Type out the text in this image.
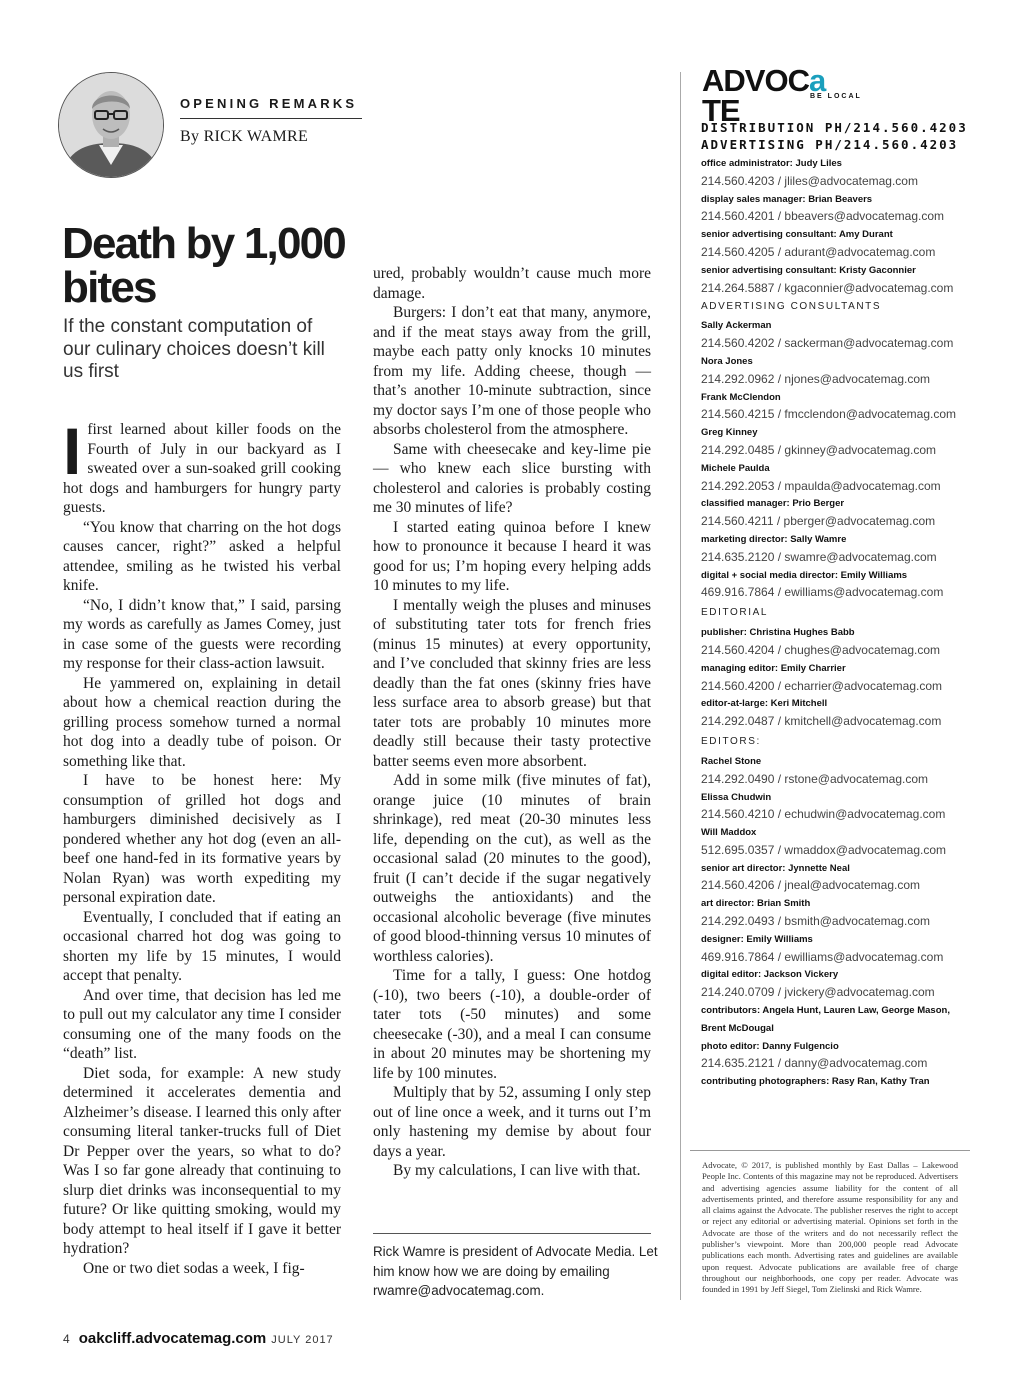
OPENING REMARKS
By RICK WAMRE
Death by 1,000 bites
If the constant computation of our culinary choices doesn’t kill us first

Ifirst learned about killer foods on the Fourth of July in our backyard as I sweated over a sun-soaked grill cooking hot dogs and hamburgers for hungry party guests.

“You know that charring on the hot dogs causes cancer, right?” asked a helpful attendee, smiling as he twisted his verbal knife.

“No, I didn’t know that,” I said, parsing my words as carefully as James Comey, just in case some of the guests were recording my response for their class-action lawsuit.

He yammered on, explaining in detail about how a chemical reaction during the grilling process somehow turned a normal hot dog into a deadly tube of poison. Or something like that.

I have to be honest here: My consumption of grilled hot dogs and hamburgers diminished decisively as I pondered whether any hot dog (even an all-beef one hand-fed in its formative years by Nolan Ryan) was worth expediting my personal expiration date.

Eventually, I concluded that if eating an occasional charred hot dog was going to shorten my life by 15 minutes, I would accept that penalty.

And over time, that decision has led me to pull out my calculator any time I consider consuming one of the many foods on the “death” list.

Diet soda, for example: A new study determined it accelerates dementia and Alzheimer’s disease. I learned this only after consuming literal tanker-trucks full of Diet Dr Pepper over the years, so what to do? Was I so far gone already that continuing to slurp diet drinks was inconsequential to my future? Or like quitting smoking, would my body attempt to heal itself if I gave it better hydration?

One or two diet sodas a week, I fig-

ured, probably wouldn’t cause much more damage.

Burgers: I don’t eat that many, anymore, and if the meat stays away from the grill, maybe each patty only knocks 10 minutes from my life. Adding cheese, though — that’s another 10-minute subtraction, since my doctor says I’m one of those people who absorbs cholesterol from the atmosphere.

Same with cheesecake and key-lime pie — who knew each slice bursting with cholesterol and calories is probably costing me 30 minutes of life?

I started eating quinoa before I knew how to pronounce it because I heard it was good for us; I’m hoping every helping adds 10 minutes to my life.

I mentally weigh the pluses and minuses of substituting tater tots for french fries (minus 15 minutes) at every opportunity, and I’ve concluded that skinny fries are less deadly than the fat ones (skinny fries have less surface area to absorb grease) but that tater tots are probably 10 minutes more deadly still because their tasty protective batter seems even more absorbent.

Add in some milk (five minutes of fat), orange juice (10 minutes of brain shrinkage), red meat (20-30 minutes less life, depending on the cut), as well as the occasional salad (20 minutes to the good), fruit (I can’t decide if the sugar negatively outweighs the antioxidants) and the occasional alcoholic beverage (five minutes of good blood-thinning versus 10 minutes of worthless calories).

Time for a tally, I guess: One hotdog (-10), two beers (-10), a double-order of tater tots (-50 minutes) and some cheesecake (-30), and a meal I can consume in about 20 minutes may be shortening my life by 100 minutes.

Multiply that by 52, assuming I only step out of line once a week, and it turns out I’m only hastening my demise by about four days a year.

By my calculations, I can live with that.

Rick Wamre is president of Advocate Media. Let him know how we are doing by emailing rwamre@advocatemag.com.
ADVOCaTE	BE LOCAL
DISTRIBUTION PH/214.560.4203
ADVERTISING PH/214.560.4203
office administrator: Judy Liles
214.560.4203 / jliles@advocatemag.com
display sales manager: Brian Beavers
214.560.4201 / bbeavers@advocatemag.com
senior advertising consultant: Amy Durant
214.560.4205 / adurant@advocatemag.com
senior advertising consultant: Kristy Gaconnier
214.264.5887 / kgaconnier@advocatemag.com
ADVERTISING CONSULTANTS
Sally Ackerman
214.560.4202 / sackerman@advocatemag.com
Nora Jones
214.292.0962 / njones@advocatemag.com
Frank McClendon
214.560.4215 / fmcclendon@advocatemag.com
Greg Kinney
214.292.0485 / gkinney@advocatemag.com
Michele Paulda
214.292.2053 / mpaulda@advocatemag.com
classified manager: Prio Berger
214.560.4211 / pberger@advocatemag.com
marketing director: Sally Wamre
214.635.2120 / swamre@advocatemag.com
digital + social media director: Emily Williams
469.916.7864 / ewilliams@advocatemag.com
EDITORIAL
publisher: Christina Hughes Babb
214.560.4204 / chughes@advocatemag.com
managing editor: Emily Charrier
214.560.4200 / echarrier@advocatemag.com
editor-at-large: Keri Mitchell
214.292.0487 / kmitchell@advocatemag.com
EDITORS:
Rachel Stone
214.292.0490 / rstone@advocatemag.com
Elissa Chudwin
214.560.4210 / echudwin@advocatemag.com
Will Maddox
512.695.0357 / wmaddox@advocatemag.com
senior art director: Jynnette Neal
214.560.4206 / jneal@advocatemag.com
art director: Brian Smith
214.292.0493 / bsmith@advocatemag.com
designer: Emily Williams
469.916.7864 / ewilliams@advocatemag.com
digital editor: Jackson Vickery
214.240.0709 / jvickery@advocatemag.com
contributors: Angela Hunt, Lauren Law, George Mason,
Brent McDougal
photo editor: Danny Fulgencio
214.635.2121 / danny@advocatemag.com
contributing photographers: Rasy Ran, Kathy Tran
Advocate, © 2017, is published monthly by East Dallas – Lakewood People Inc. Contents of this magazine may not be reproduced. Advertisers and advertising agencies assume liability for the content of all advertisements printed, and therefore assume responsibility for any and all claims against the Advocate. The publisher reserves the right to accept or reject any editorial or advertising material. Opinions set forth in the Advocate are those of the writers and do not necessarily reflect the publisher’s viewpoint. More than 200,000 people read Advocate publications each month. Advertising rates and guidelines are available upon request. Advocate publications are available free of charge throughout our neighborhoods, one copy per reader. Advocate was founded in 1991 by Jeff Siegel, Tom Zielinski and Rick Wamre.
4 oakcliff.advocatemag.com JULY 2017
